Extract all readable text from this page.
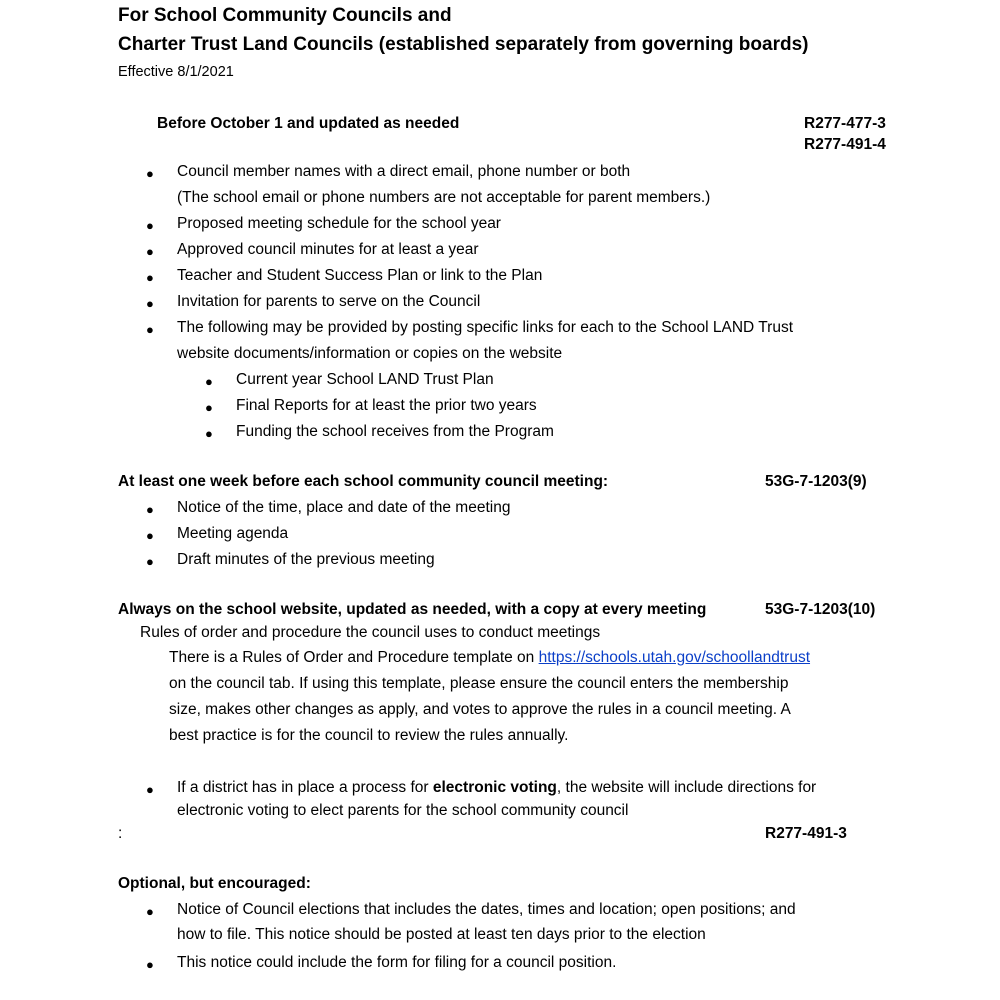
For School Community Councils and
Charter Trust Land Councils (established separately from governing boards)
Effective 8/1/2021
Before October 1 and updated as needed	R277-477-3
R277-491-4
● Council member names with a direct email, phone number or both
(The school email or phone numbers are not acceptable for parent members.)
● Proposed meeting schedule for the school year
● Approved council minutes for at least a year
● Teacher and Student Success Plan or link to the Plan
● Invitation for parents to serve on the Council
● The following may be provided by posting specific links for each to the School LAND Trust
website documents/information or copies on the website
● Current year School LAND Trust Plan
● Final Reports for at least the prior two years
● Funding the school receives from the Program
At least one week before each school community council meeting:	53G-7-1203(9)
● Notice of the time, place and date of the meeting
● Meeting agenda
● Draft minutes of the previous meeting
Always on the school website, updated as needed, with a copy at every meeting	53G-7-1203(10)
Rules of order and procedure the council uses to conduct meetings
There is a Rules of Order and Procedure template on https://schools.utah.gov/schoollandtrust
on the council tab. If using this template, please ensure the council enters the membership
size, makes other changes as apply, and votes to approve the rules in a council meeting. A
best practice is for the council to review the rules annually.
● If a district has in place a process for electronic voting, the website will include directions for
electronic voting to elect parents for the school community council
:	R277-491-3
Optional, but encouraged:
● Notice of Council elections that includes the dates, times and location; open positions; and
how to file. This notice should be posted at least ten days prior to the election
● This notice could include the form for filing for a council position.
